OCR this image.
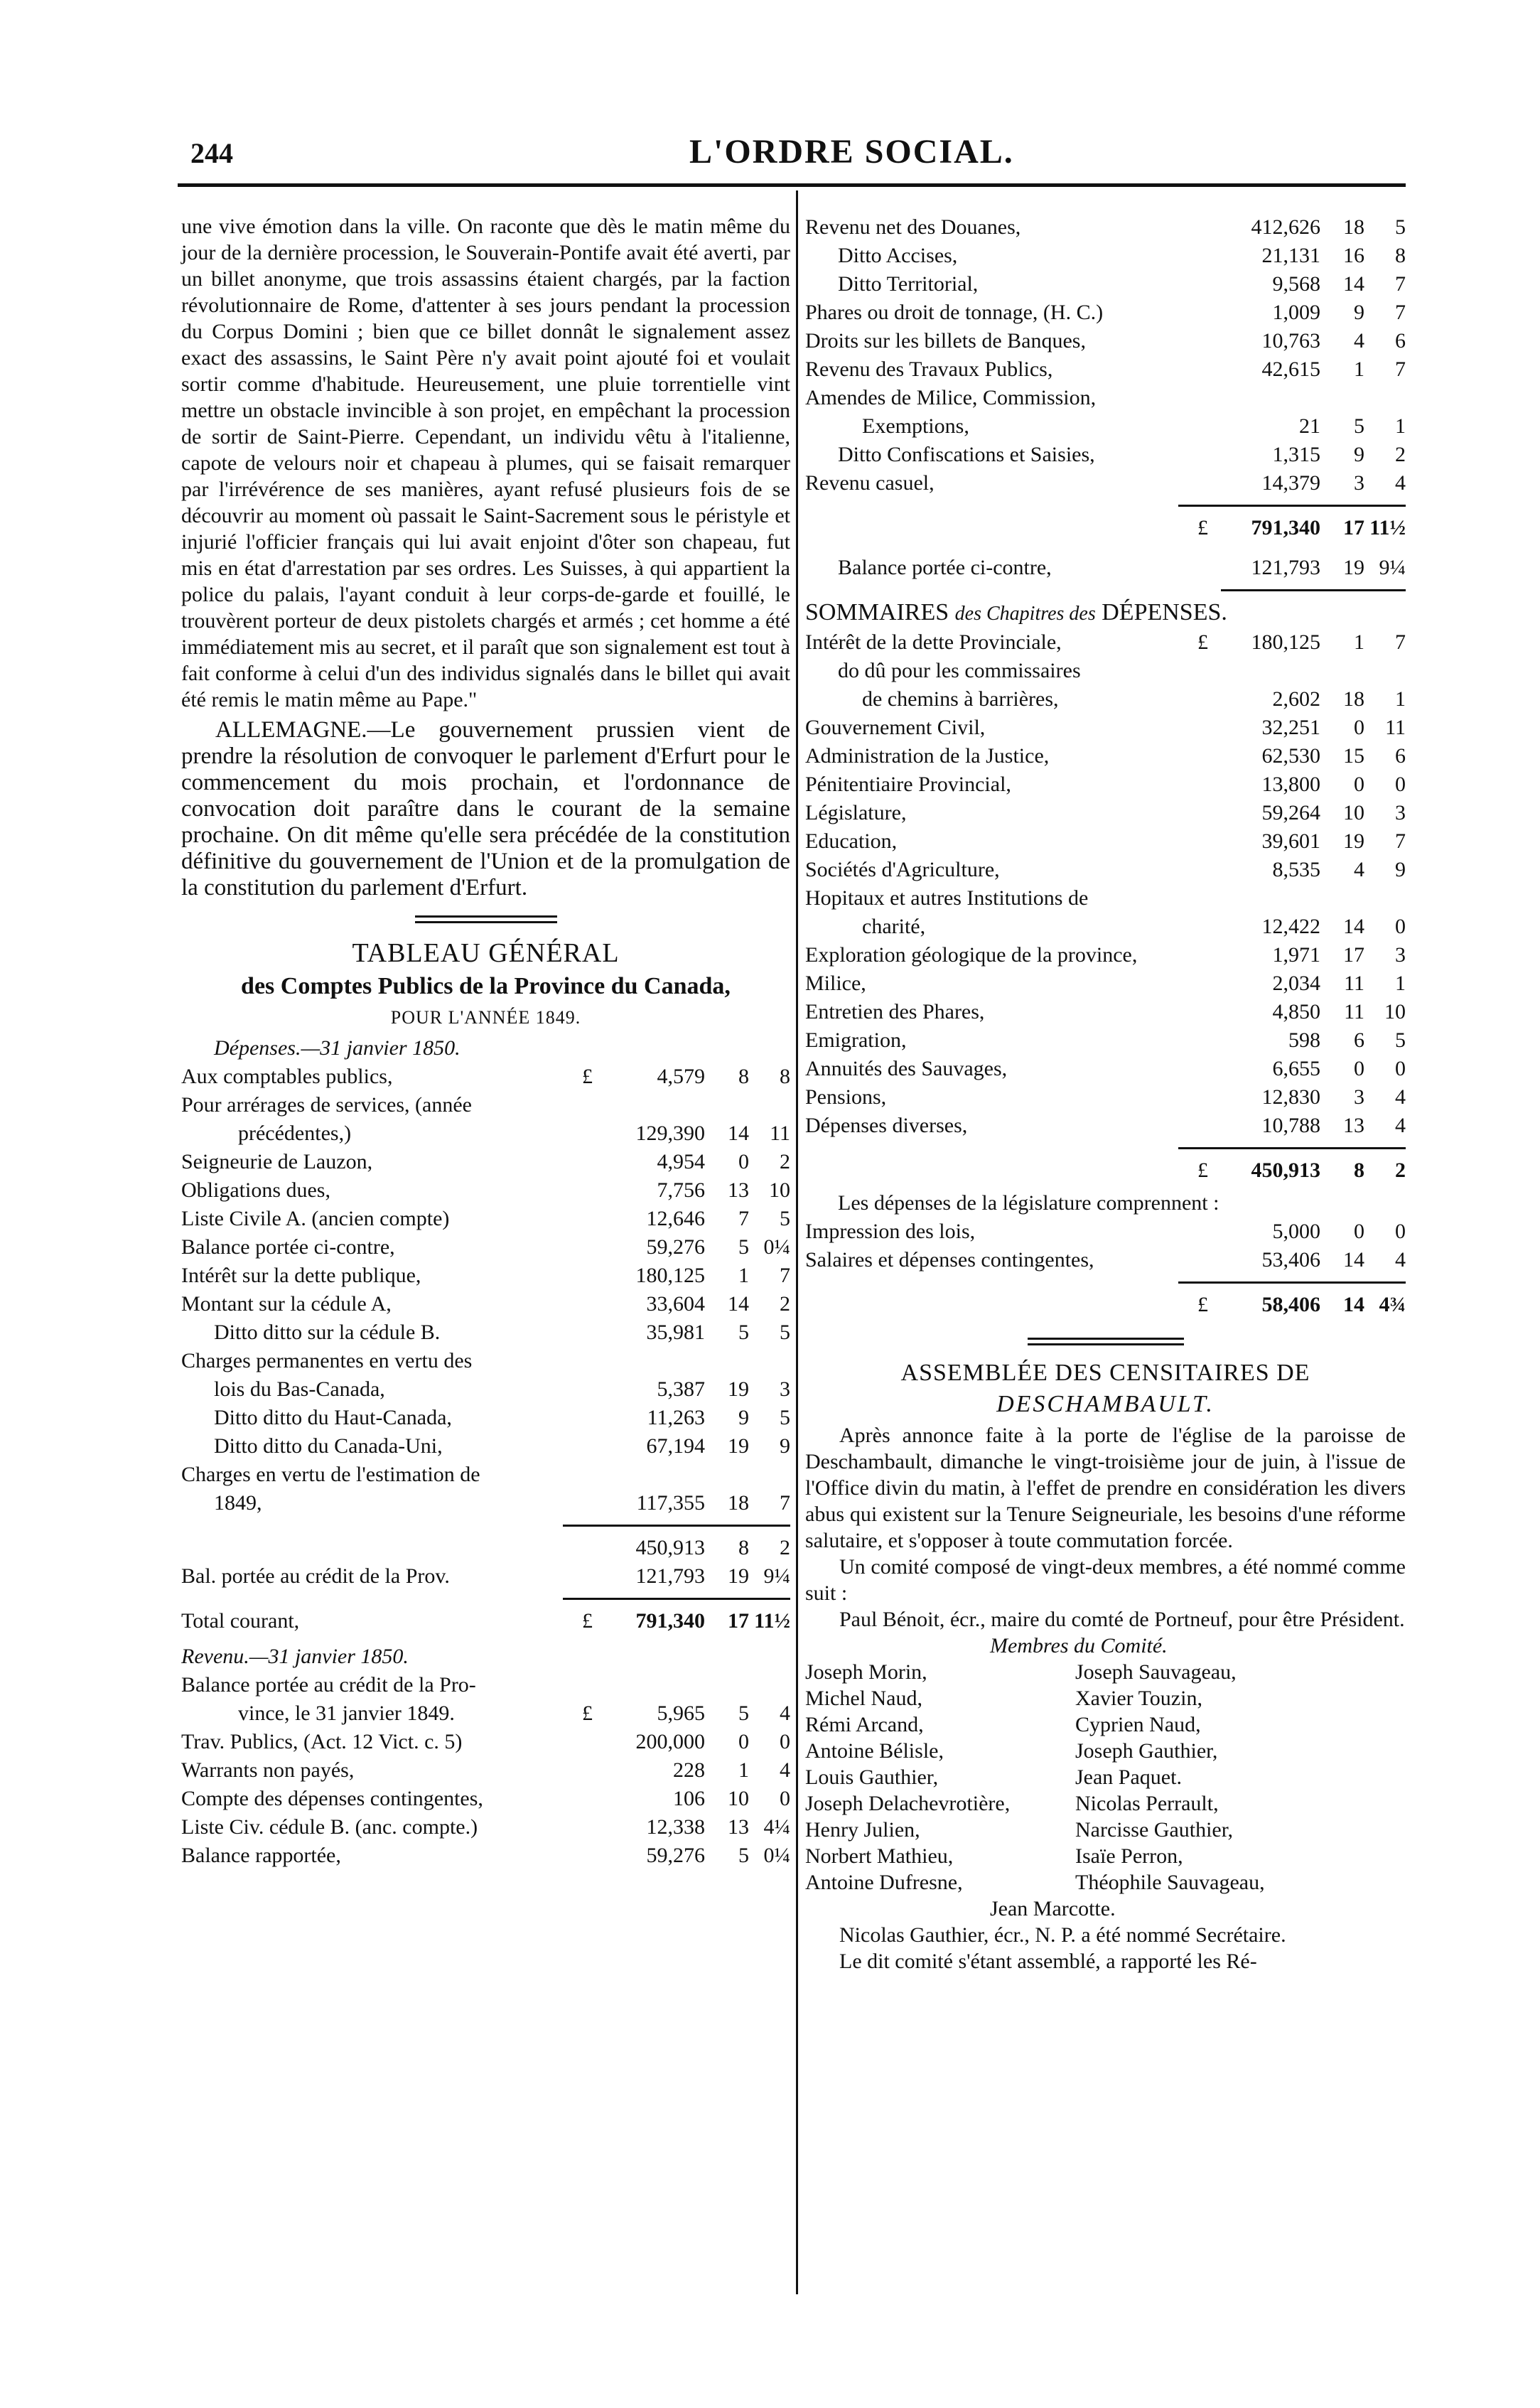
244	L'ORDRE SOCIAL.

une vive émotion dans la ville. On raconte que dès le matin même du jour de la dernière procession, le Souverain-Pontife avait été averti, par un billet anonyme, que trois assassins étaient chargés, par la faction révolutionnaire de Rome, d'attenter à ses jours pendant la procession du Corpus Domini ; bien que ce billet donnât le signalement assez exact des assassins, le Saint Père n'y avait point ajouté foi et voulait sortir comme d'habitude. Heureusement, une pluie torrentielle vint mettre un obstacle invincible à son projet, en empêchant la procession de sortir de Saint-Pierre. Cependant, un individu vêtu à l'italienne, capote de velours noir et chapeau à plumes, qui se faisait remarquer par l'irrévérence de ses manières, ayant refusé plusieurs fois de se découvrir au moment où passait le Saint-Sacrement sous le péristyle et injurié l'officier français qui lui avait enjoint d'ôter son chapeau, fut mis en état d'arrestation par ses ordres. Les Suisses, à qui appartient la police du palais, l'ayant conduit à leur corps-de-garde et fouillé, le trouvèrent porteur de deux pistolets chargés et armés ; cet homme a été immédiatement mis au secret, et il paraît que son signalement est tout à fait conforme à celui d'un des individus signalés dans le billet qui avait été remis le matin même au Pape."

ALLEMAGNE.—Le gouvernement prussien vient de prendre la résolution de convoquer le parlement d'Erfurt pour le commencement du mois prochain, et l'ordonnance de convocation doit paraître dans le courant de la semaine prochaine. On dit même qu'elle sera précédée de la constitution définitive du gouvernement de l'Union et de la promulgation de la constitution du parlement d'Erfurt.

TABLEAU GÉNÉRAL
des Comptes Publics de la Province du Canada,
POUR L'ANNÉE 1849.
Dépenses.—31 janvier 1850.
Aux comptables publics,	£	4,579	8	8
Pour arrérages de services, (année
précédentes,)	129,390	14 11
Seigneurie de Lauzon,	4,954	0	2
Obligations dues,	7,756	13 10
Liste Civile A. (ancien compte)	12,646	7	5
Balance portée ci-contre,	59,276	5 0¼
Intérêt sur la dette publique,	180,125	1	7
Montant sur la cédule A,	33,604	14	2
Ditto ditto sur la cédule B.	35,981	5	5
Charges permanentes en vertu des
lois du Bas-Canada,	5,387	19	3
Ditto ditto du Haut-Canada,	11,263	9	5
Ditto ditto du Canada-Uni,	67,194	19	9
Charges en vertu de l'estimation de
1849,	117,355	18	7
450,913	8	2
Bal. portée au crédit de la Prov.	121,793	19 9¼
Total courant,	£	791,340	17 11½
Revenu.—31 janvier 1850.
Balance portée au crédit de la Pro-
vince, le 31 janvier 1849.	£	5,965	5	4
Trav. Publics, (Act. 12 Vict. c. 5)	200,000	0	0
Warrants non payés,	228	1	4
Compte des dépenses contingentes,	106	10	0
Liste Civ. cédule B. (anc. compte.)	12,338	13 4¼
Balance rapportée,	59,276	5 0¼
Revenu net des Douanes,	412,626	18	5
Ditto Accises,	21,131	16	8
Ditto Territorial,	9,568	14	7
Phares ou droit de tonnage, (H. C.)	1,009	9	7
Droits sur les billets de Banques,	10,763	4	6
Revenu des Travaux Publics,	42,615	1	7
Amendes de Milice, Commission,
Exemptions,	21	5	1
Ditto Confiscations et Saisies,	1,315	9	2
Revenu casuel,	14,379	3	4
£	791,340	17 11½
Balance portée ci-contre,	121,793	19 9¼
SOMMAIRES des Chapitres des DÉPENSES.
Intérêt de la dette Provinciale,	£	180,125	1	7
do dû pour les commissaires
de chemins à barrières,	2,602	18	1
Gouvernement Civil,	32,251	0 11
Administration de la Justice,	62,530	15	6
Pénitentiaire Provincial,	13,800	0	0
Législature,	59,264	10	3
Education,	39,601	19	7
Sociétés d'Agriculture,	8,535	4	9
Hopitaux et autres Institutions de
charité,	12,422	14	0
Exploration géologique de la province,	1,971	17	3
Milice,	2,034	11	1
Entretien des Phares,	4,850	11 10
Emigration,	598	6	5
Annuités des Sauvages,	6,655	0	0
Pensions,	12,830	3	4
Dépenses diverses,	10,788	13	4
£	450,913	8	2
Les dépenses de la législature comprennent :
Impression des lois,	5,000	0	0
Salaires et dépenses contingentes,	53,406	14	4
£	58,406	14 4¾
ASSEMBLÉE DES CENSITAIRES DE
DESCHAMBAULT.

Après annonce faite à la porte de l'église de la paroisse de Deschambault, dimanche le vingt-troisième jour de juin, à l'issue de l'Office divin du matin, à l'effet de prendre en considération les divers abus qui existent sur la Tenure Seigneuriale, les besoins d'une réforme salutaire, et s'opposer à toute commutation forcée.

Un comité composé de vingt-deux membres, a été nommé comme suit :

Paul Bénoit, écr., maire du comté de Portneuf, pour être Président.

Membres du Comité.
Joseph Morin,	Joseph Sauvageau,
Michel Naud,	Xavier Touzin,
Rémi Arcand,	Cyprien Naud,
Antoine Bélisle,	Joseph Gauthier,
Louis Gauthier,	Jean Paquet.
Joseph Delachevrotière,	Nicolas Perrault,
Henry Julien,	Narcisse Gauthier,
Norbert Mathieu,	Isaïe Perron,
Antoine Dufresne,	Théophile Sauvageau,
Jean Marcotte.

Nicolas Gauthier, écr., N. P. a été nommé Secrétaire.

Le dit comité s'étant assemblé, a rapporté les Ré-
